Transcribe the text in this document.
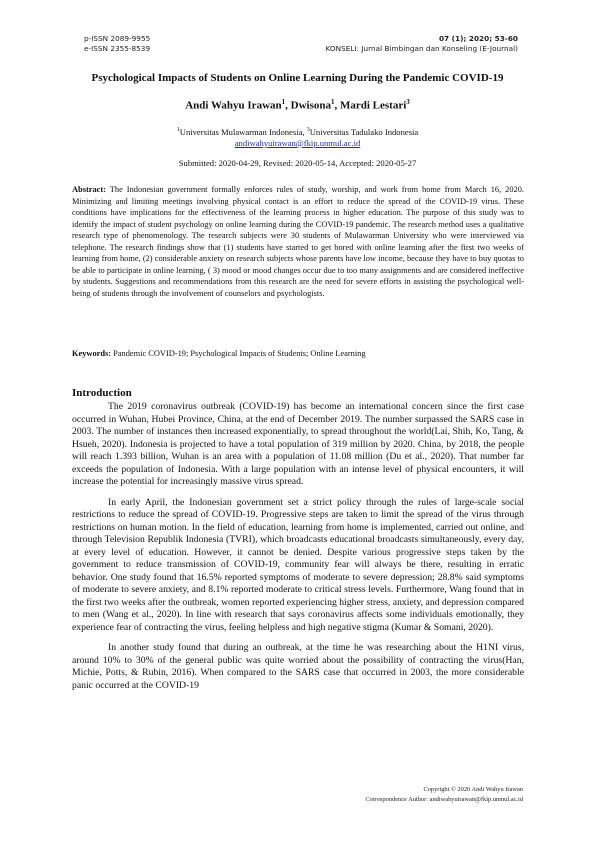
p-ISSN 2089-9955
e-ISSN 2355-8539
07 (1); 2020; 53-60
KONSELI: Jurnal Bimbingan dan Konseling (E-Journal)
Psychological Impacts of Students on Online Learning During the Pandemic COVID-19
Andi Wahyu Irawan$^1$, Dwisona$^1$, Mardi Lestari$^3$
$^1$Universitas Mulawarman Indonesia, $^3$Universitas Tadulako Indonesia
andiwahyuirawan@fkip.unmul.ac.id
Submitted: 2020-04-29, Revised: 2020-05-14, Accepted: 2020-05-27
Abstract: The Indonesian government formally enforces rules of study, worship, and work from home from March 16, 2020. Minimizing and limiting meetings involving physical contact is an effort to reduce the spread of the COVID-19 virus. These conditions have implications for the effectiveness of the learning process in higher education. The purpose of this study was to identify the impact of student psychology on online learning during the COVID-19 pandemic. The research method uses a qualitative research type of phenomenology. The research subjects were 30 students of Mulawarman University who were interviewed via telephone. The research findings show that (1) students have started to get bored with online learning after the first two weeks of learning from home, (2) considerable anxiety on research subjects whose parents have low income, because they have to buy quotas to be able to participate in online learning, ( 3) mood or mood changes occur due to too many assignments and are considered ineffective by students. Suggestions and recommendations from this research are the need for severe efforts in assisting the psychological well-being of students through the involvement of counselors and psychologists.
Keywords: Pandemic COVID-19; Psychological Impacts of Students; Online Learning
Introduction

The 2019 coronavirus outbreak (COVID-19) has become an international concern since the first case occurred in Wuhan, Hubei Province, China, at the end of December 2019. The number surpassed the SARS case in 2003. The number of instances then increased exponentially, to spread throughout the world(Lai, Shih, Ko, Tang, & Hsueh, 2020). Indonesia is projected to have a total population of 319 million by 2020. China, by 2018, the people will reach 1.393 billion, Wuhan is an area with a population of 11.08 million (Du et al., 2020). That number far exceeds the population of Indonesia. With a large population with an intense level of physical encounters, it will increase the potential for increasingly massive virus spread.

In early April, the Indonesian government set a strict policy through the rules of large-scale social restrictions to reduce the spread of COVID-19. Progressive steps are taken to limit the spread of the virus through restrictions on human motion. In the field of education, learning from home is implemented, carried out online, and through Television Republik Indonesia (TVRI), which broadcasts educational broadcasts simultaneously, every day, at every level of education. However, it cannot be denied. Despite various progressive steps taken by the government to reduce transmission of COVID-19, community fear will always be there, resulting in erratic behavior. One study found that 16.5% reported symptoms of moderate to severe depression; 28.8% said symptoms of moderate to severe anxiety, and 8.1% reported moderate to critical stress levels. Furthermore, Wang found that in the first two weeks after the outbreak, women reported experiencing higher stress, anxiety, and depression compared to men (Wang et al., 2020). In line with research that says coronavirus affects some individuals emotionally, they experience fear of contracting the virus, feeling helpless and high negative stigma (Kumar & Somani, 2020).

In another study found that during an outbreak, at the time he was researching about the H1NI virus, around 10% to 30% of the general public was quite worried about the possibility of contracting the virus(Han, Michie, Potts, & Rubin, 2016). When compared to the SARS case that occurred in 2003, the more considerable panic occurred at the COVID-19

Copyright © 2020 Andi Wahyu Irawan
Correspondence Author: andiwahyuirawan@fkip.unmul.ac.id
